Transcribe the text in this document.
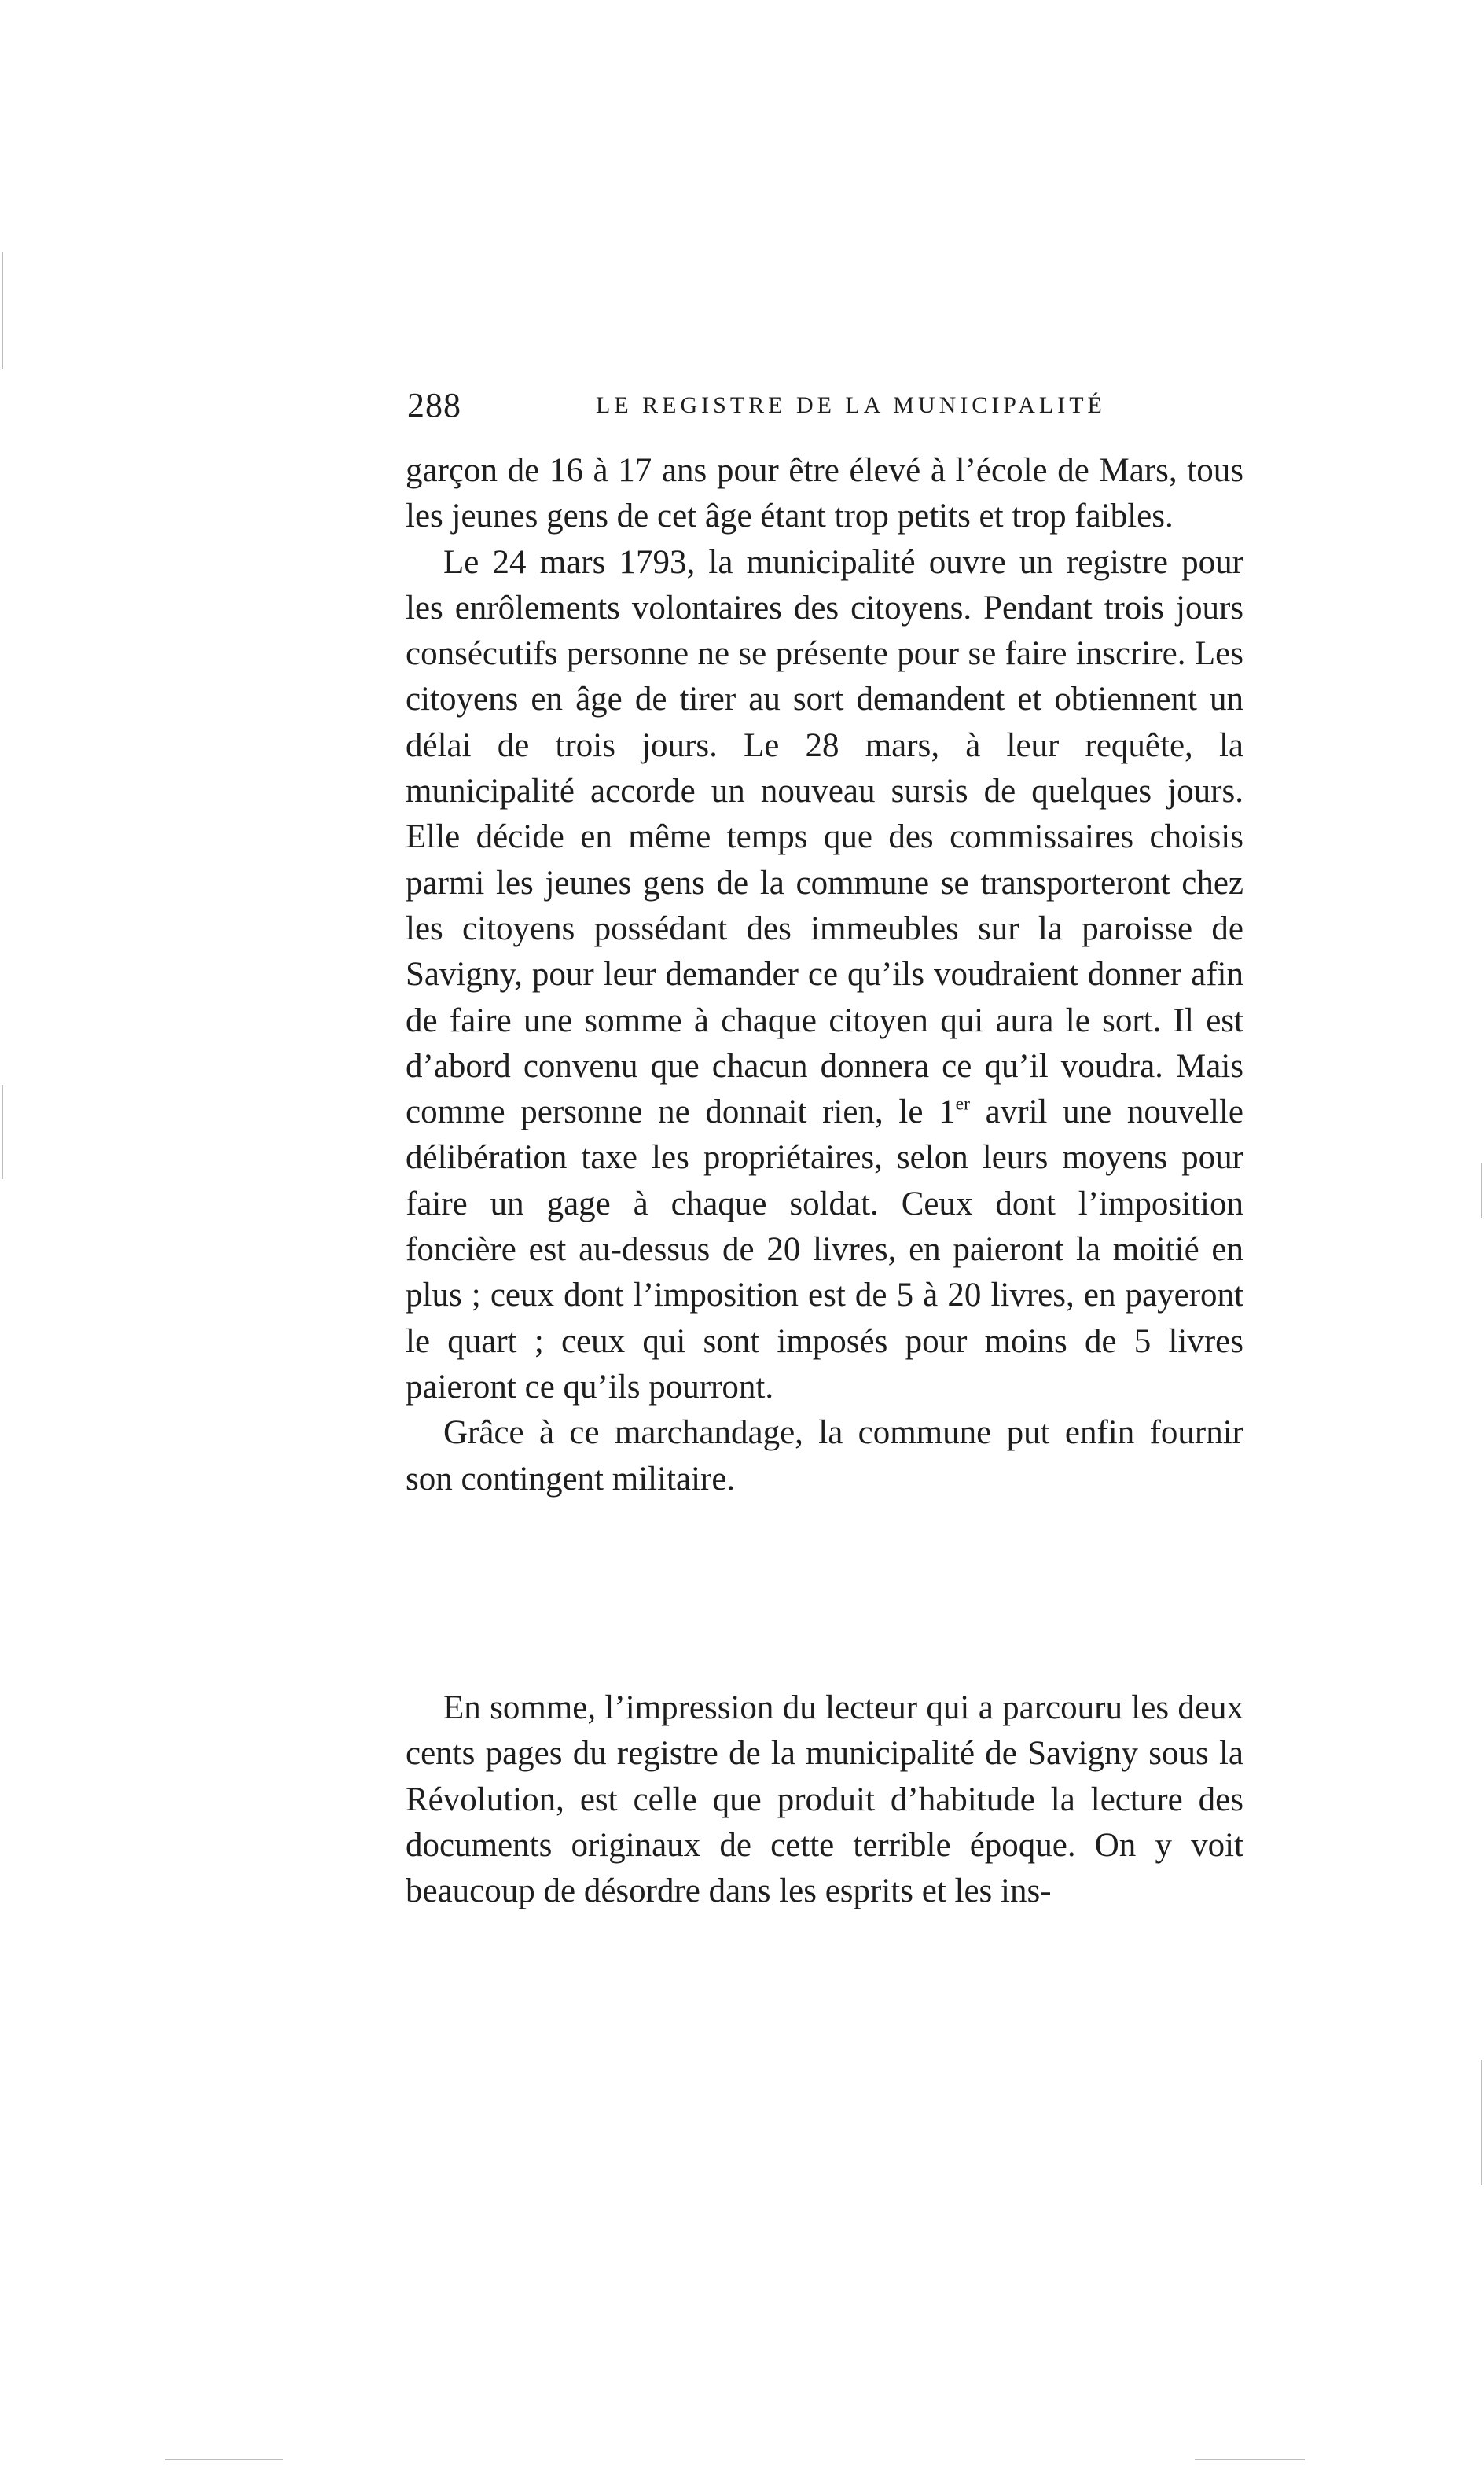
288	LE REGISTRE DE LA MUNICIPALITÉ

garçon de 16 à 17 ans pour être élevé à l’école de Mars, tous les jeunes gens de cet âge étant trop petits et trop faibles.

Le 24 mars 1793, la municipalité ouvre un registre pour les enrôlements volontaires des citoyens. Pendant trois jours consécutifs personne ne se présente pour se faire inscrire. Les citoyens en âge de tirer au sort demandent et obtiennent un délai de trois jours. Le 28 mars, à leur requête, la municipalité accorde un nouveau sursis de quelques jours. Elle décide en même temps que des commissaires choisis parmi les jeunes gens de la commune se transporteront chez les citoyens possédant des immeubles sur la paroisse de Savigny, pour leur demander ce qu’ils voudraient donner afin de faire une somme à chaque citoyen qui aura le sort. Il est d’abord convenu que chacun donnera ce qu’il voudra. Mais comme personne ne donnait rien, le 1er avril une nouvelle délibération taxe les propriétaires, selon leurs moyens pour faire un gage à chaque soldat. Ceux dont l’imposition foncière est au-dessus de 20 livres, en paieront la moitié en plus ; ceux dont l’imposition est de 5 à 20 livres, en payeront le quart ; ceux qui sont imposés pour moins de 5 livres paieront ce qu’ils pourront.

Grâce à ce marchandage, la commune put enfin fournir son contingent militaire.

En somme, l’impression du lecteur qui a parcouru les deux cents pages du registre de la municipalité de Savigny sous la Révolution, est celle que produit d’habitude la lecture des documents originaux de cette terrible époque. On y voit beaucoup de désordre dans les esprits et les ins-
